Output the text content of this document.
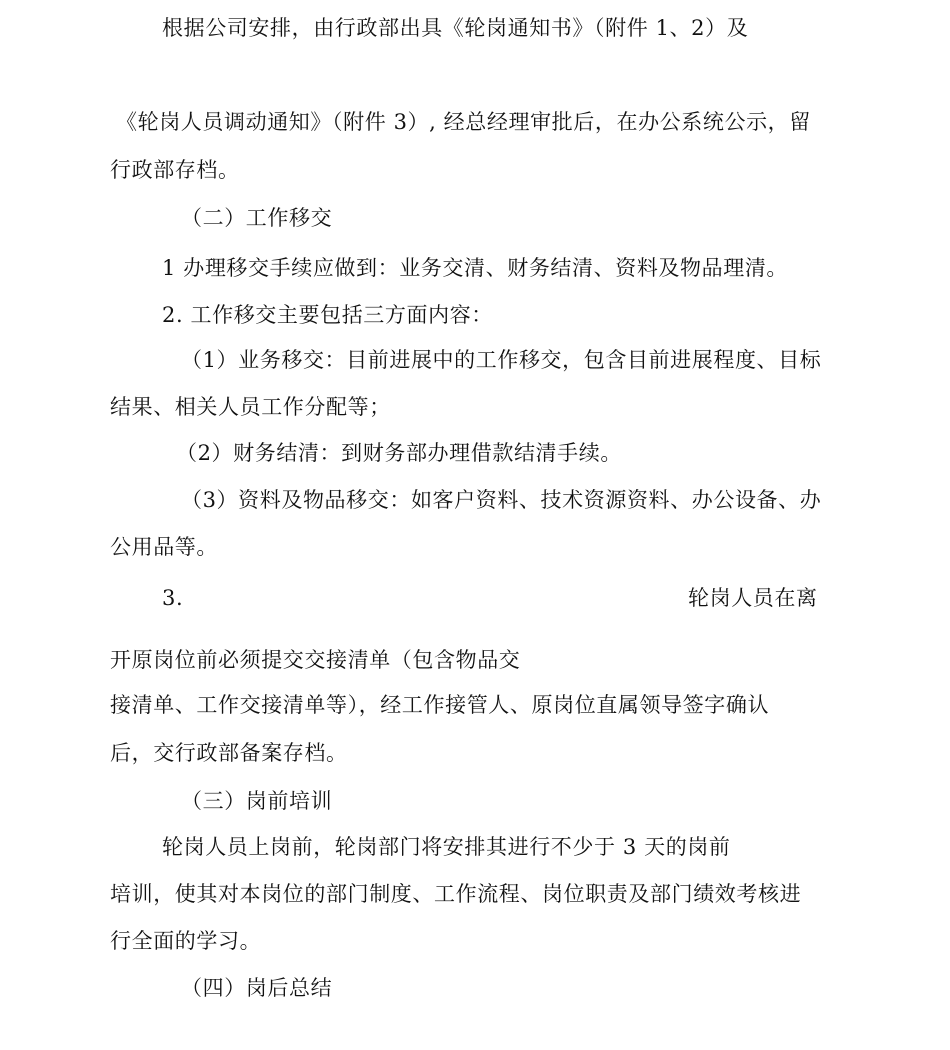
根据公司安排，由行政部出具《轮岗通知书》（附件 1、2）及
《轮岗人员调动通知》（附件 3）, 经总经理审批后，在办公系统公示，留
行政部存档。
（二）工作移交
1 办理移交手续应做到：业务交清、财务结清、资料及物品理清。
2. 工作移交主要包括三方面内容：
（1）业务移交：目前进展中的工作移交，包含目前进展程度、目标
结果、相关人员工作分配等；
（2）财务结清：到财务部办理借款结清手续。
（3）资料及物品移交：如客户资料、技术资源资料、办公设备、办
公用品等。
3.	轮岗人员在离
开原岗位前必须提交交接清单（包含物品交
接清单、工作交接清单等），经工作接管人、原岗位直属领导签字确认
后，交行政部备案存档。
（三）岗前培训
轮岗人员上岗前，轮岗部门将安排其进行不少于 3 天的岗前
培训，使其对本岗位的部门制度、工作流程、岗位职责及部门绩效考核进
行全面的学习。
（四）岗后总结
